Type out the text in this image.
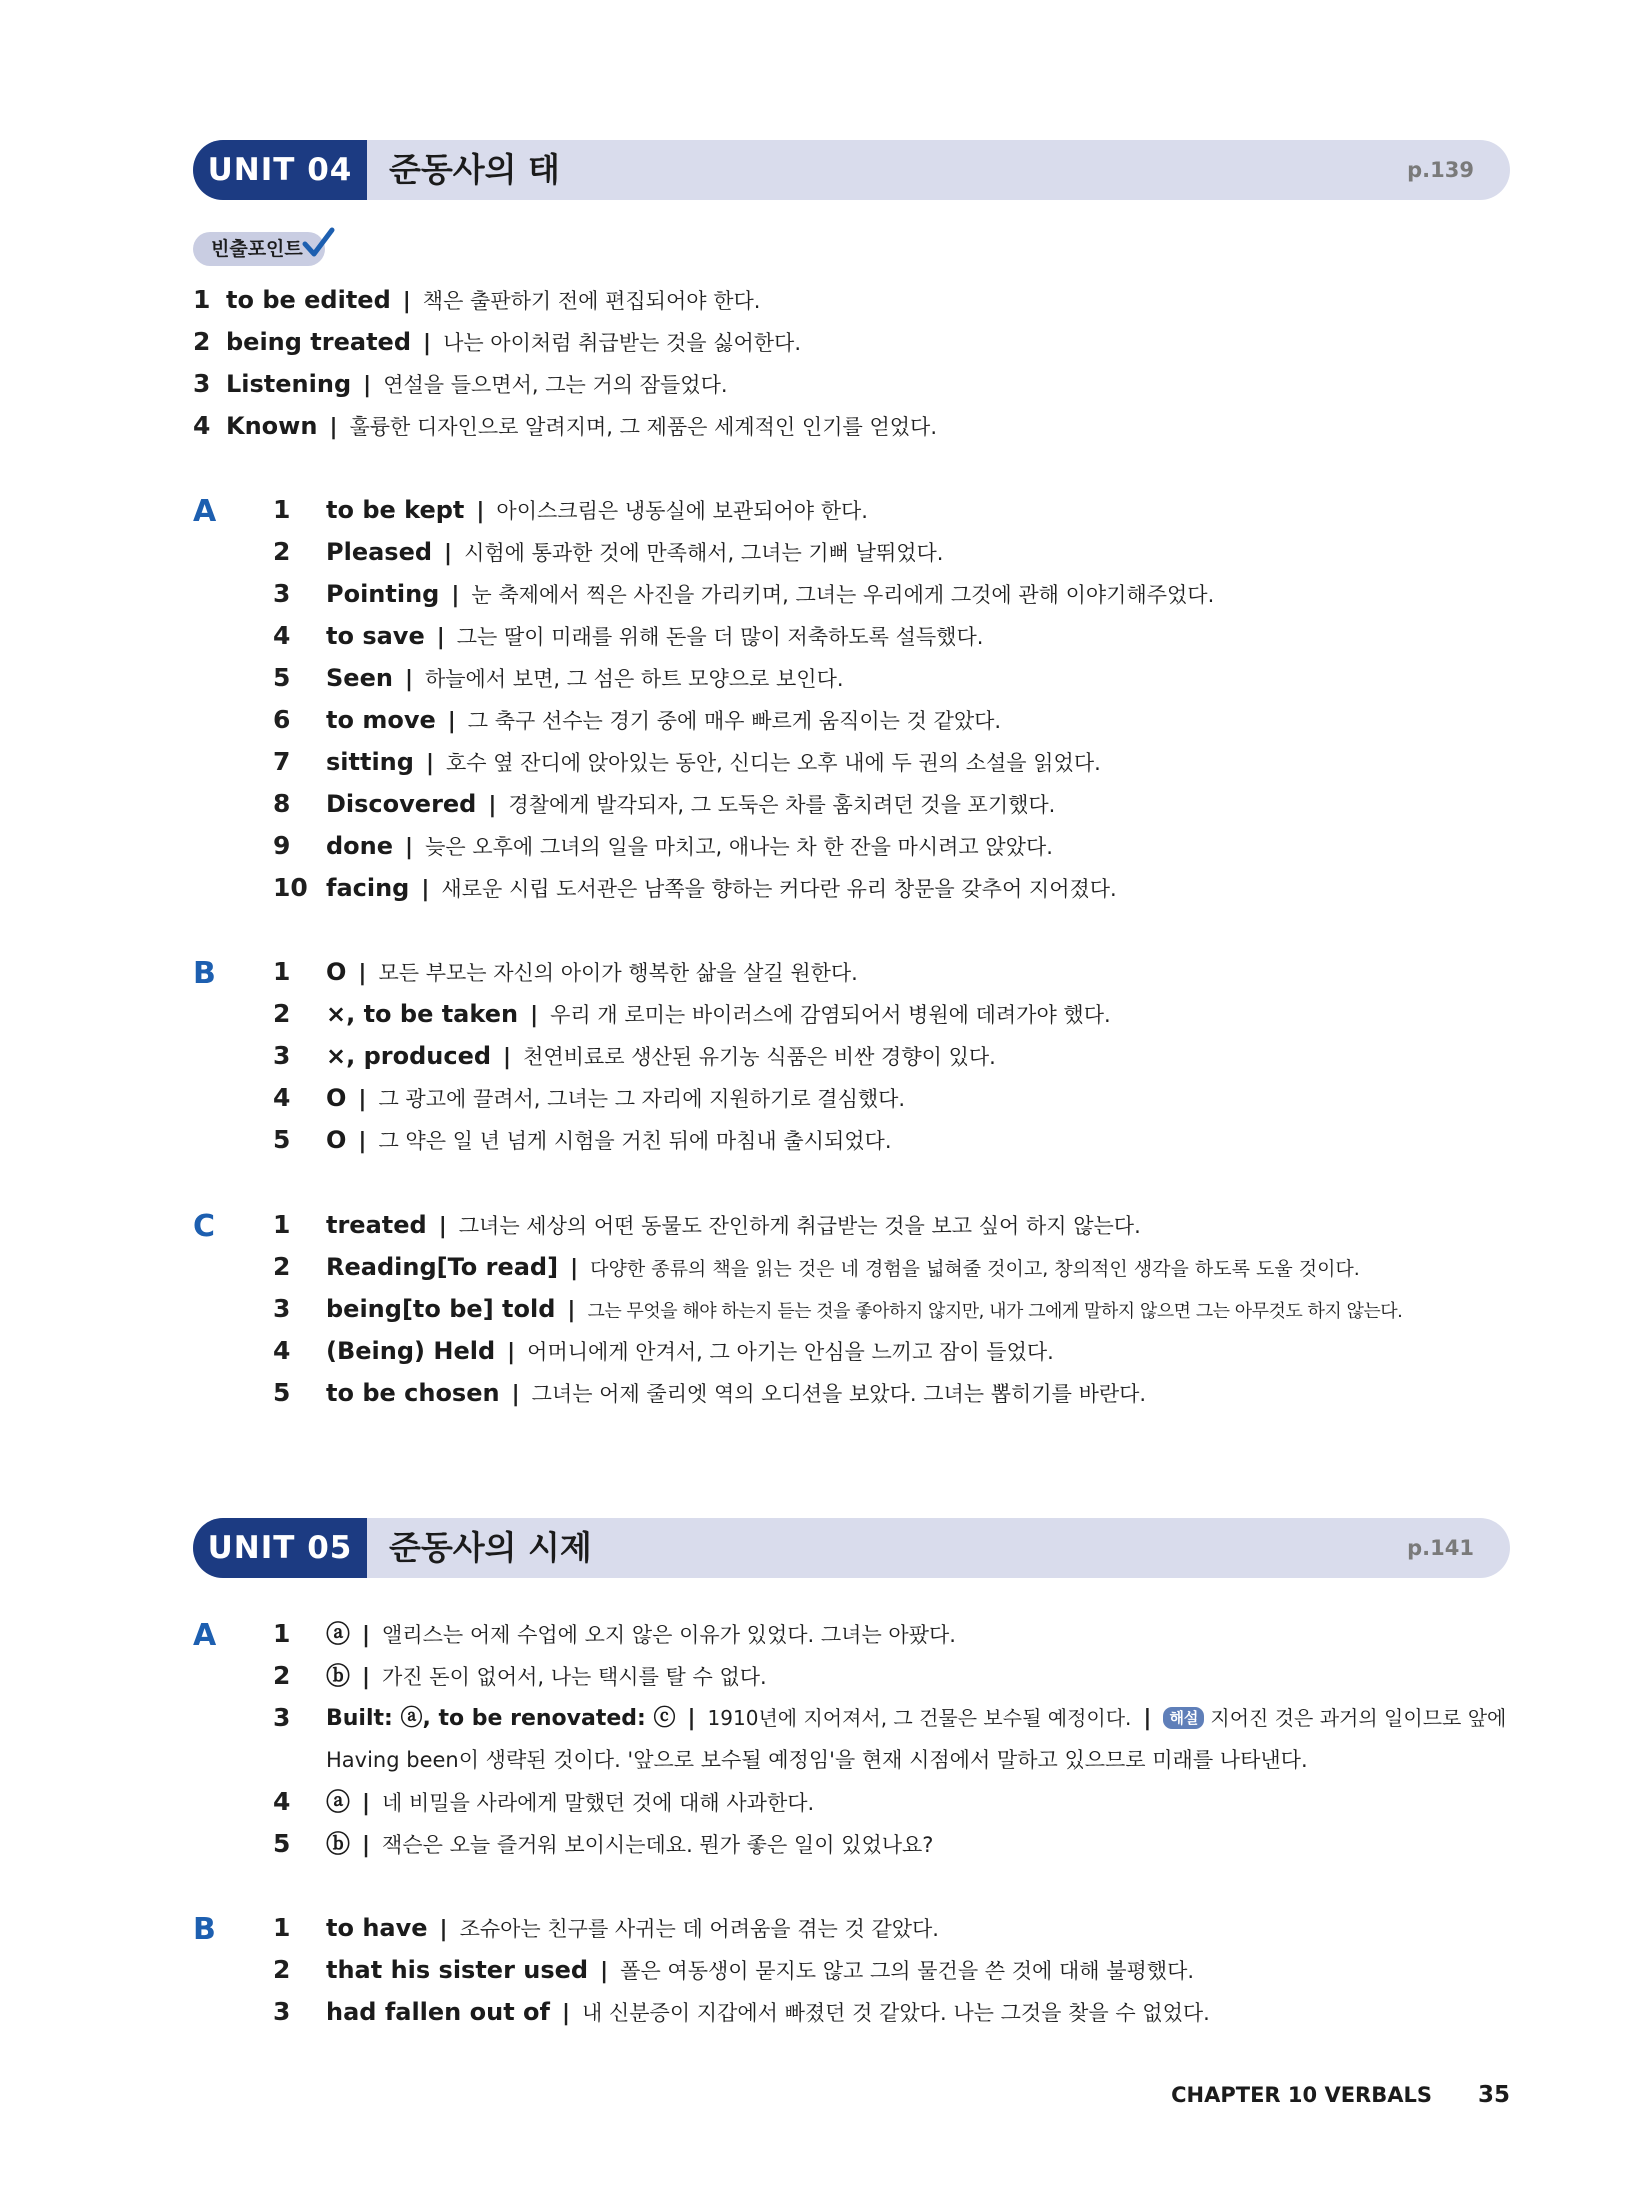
UNIT 04	준동사의 태	p.139
빈출포인트
1 to be edited | 책은 출판하기 전에 편집되어야 한다.
2 being treated | 나는 아이처럼 취급받는 것을 싫어한다.
3 Listening | 연설을 들으면서, 그는 거의 잠들었다.
4 Known | 훌륭한 디자인으로 알려지며, 그 제품은 세계적인 인기를 얻었다.
A 1 to be kept | 아이스크림은 냉동실에 보관되어야 한다.
2 Pleased | 시험에 통과한 것에 만족해서, 그녀는 기뻐 날뛰었다.
3 Pointing | 눈 축제에서 찍은 사진을 가리키며, 그녀는 우리에게 그것에 관해 이야기해주었다.
4 to save | 그는 딸이 미래를 위해 돈을 더 많이 저축하도록 설득했다.
5 Seen | 하늘에서 보면, 그 섬은 하트 모양으로 보인다.
6 to move | 그 축구 선수는 경기 중에 매우 빠르게 움직이는 것 같았다.
7 sitting | 호수 옆 잔디에 앉아있는 동안, 신디는 오후 내에 두 권의 소설을 읽었다.
8 Discovered | 경찰에게 발각되자, 그 도둑은 차를 훔치려던 것을 포기했다.
9 done | 늦은 오후에 그녀의 일을 마치고, 애나는 차 한 잔을 마시려고 앉았다.
10 facing | 새로운 시립 도서관은 남쪽을 향하는 커다란 유리 창문을 갖추어 지어졌다.
B 1 O | 모든 부모는 자신의 아이가 행복한 삶을 살길 원한다.
2 ×, to be taken | 우리 개 로미는 바이러스에 감염되어서 병원에 데려가야 했다.
3 ×, produced | 천연비료로 생산된 유기농 식품은 비싼 경향이 있다.
4 O | 그 광고에 끌려서, 그녀는 그 자리에 지원하기로 결심했다.
5 O | 그 약은 일 년 넘게 시험을 거친 뒤에 마침내 출시되었다.
C 1 treated | 그녀는 세상의 어떤 동물도 잔인하게 취급받는 것을 보고 싶어 하지 않는다.
2 Reading[To read] | 다양한 종류의 책을 읽는 것은 네 경험을 넓혀줄 것이고, 창의적인 생각을 하도록 도울 것이다.
3 being[to be] told | 그는 무엇을 해야 하는지 듣는 것을 좋아하지 않지만, 내가 그에게 말하지 않으면 그는 아무것도 하지 않는다.
4 (Being) Held | 어머니에게 안겨서, 그 아기는 안심을 느끼고 잠이 들었다.
5 to be chosen | 그녀는 어제 줄리엣 역의 오디션을 보았다. 그녀는 뽑히기를 바란다.
UNIT 05	준동사의 시제	p.141
A 1 ⓐ | 앨리스는 어제 수업에 오지 않은 이유가 있었다. 그녀는 아팠다.
2 ⓑ | 가진 돈이 없어서, 나는 택시를 탈 수 없다.
3 Built: ⓐ, to be renovated: ⓒ | 1910년에 지어져서, 그 건물은 보수될 예정이다. | 해설 지어진 것은 과거의 일이므로 앞에
Having been이 생략된 것이다. '앞으로 보수될 예정임'을 현재 시점에서 말하고 있으므로 미래를 나타낸다.
4 ⓐ | 네 비밀을 사라에게 말했던 것에 대해 사과한다.
5 ⓑ | 잭슨은 오늘 즐거워 보이시는데요. 뭔가 좋은 일이 있었나요?
B 1 to have | 조슈아는 친구를 사귀는 데 어려움을 겪는 것 같았다.
2 that his sister used | 폴은 여동생이 묻지도 않고 그의 물건을 쓴 것에 대해 불평했다.
3 had fallen out of | 내 신분증이 지갑에서 빠졌던 것 같았다. 나는 그것을 찾을 수 없었다.
CHAPTER 10 VERBALS 35
